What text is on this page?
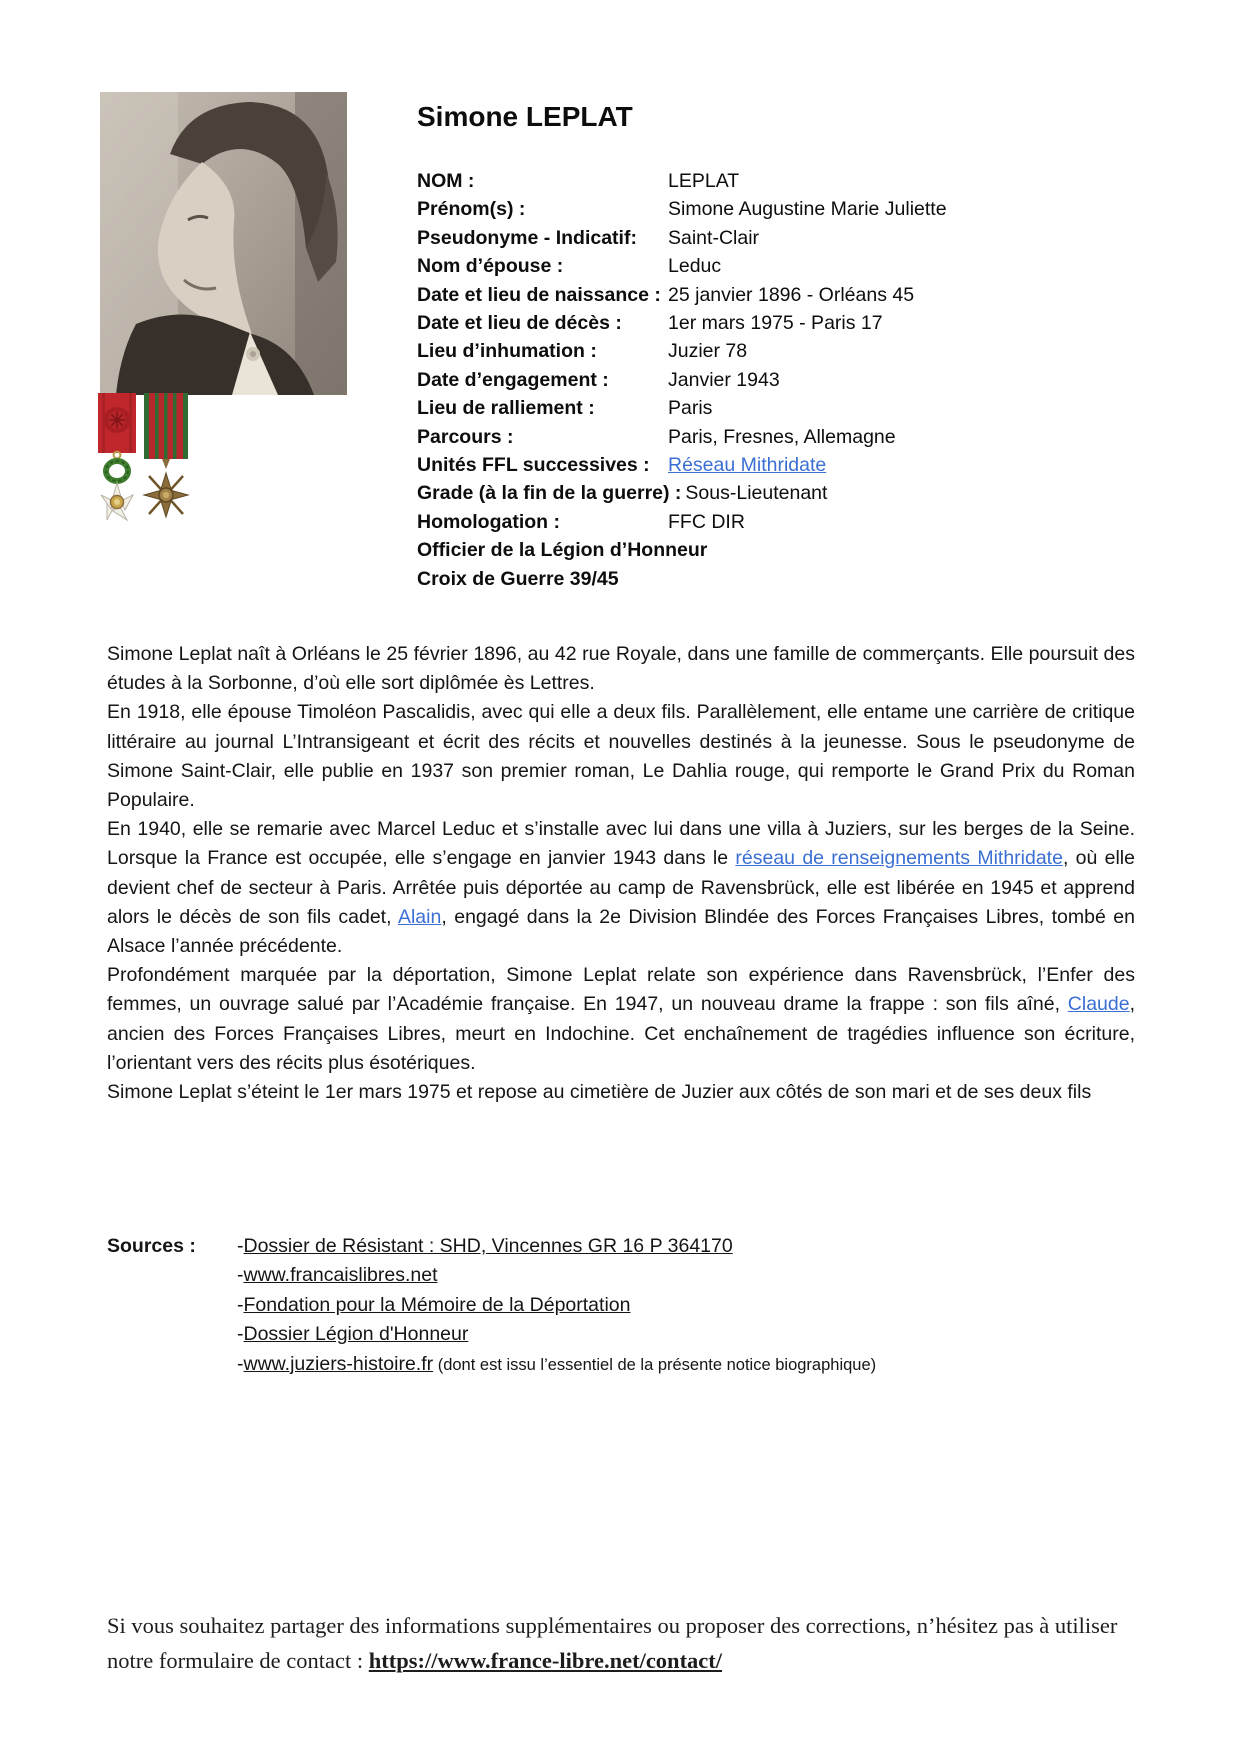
Simone LEPLAT
NOM :	LEPLAT
Prénom(s) :	Simone Augustine Marie Juliette
Pseudonyme - Indicatif:	Saint-Clair
Nom d’épouse :	Leduc
Date et lieu de naissance : 25 janvier 1896 - Orléans 45
Date et lieu de décès :	1er mars 1975 - Paris 17
Lieu d’inhumation :	Juzier 78
Date d’engagement :	Janvier 1943
Lieu de ralliement :	Paris
Parcours :	Paris, Fresnes, Allemagne
Unités FFL successives : Réseau Mithridate
Grade (à la fin de la guerre) : Sous-Lieutenant
Homologation :	FFC DIR
Officier de la Légion d’Honneur
Croix de Guerre 39/45

Simone Leplat naît à Orléans le 25 février 1896, au 42 rue Royale, dans une famille de commerçants. Elle poursuit des études à la Sorbonne, d’où elle sort diplômée ès Lettres.

En 1918, elle épouse Timoléon Pascalidis, avec qui elle a deux fils. Parallèlement, elle entame une carrière de critique littéraire au journal L’Intransigeant et écrit des récits et nouvelles destinés à la jeunesse. Sous le pseudonyme de Simone Saint-Clair, elle publie en 1937 son premier roman, Le Dahlia rouge, qui remporte le Grand Prix du Roman Populaire.

En 1940, elle se remarie avec Marcel Leduc et s’installe avec lui dans une villa à Juziers, sur les berges de la Seine. Lorsque la France est occupée, elle s’engage en janvier 1943 dans le réseau de renseignements Mithridate, où elle devient chef de secteur à Paris. Arrêtée puis déportée au camp de Ravensbrück, elle est libérée en 1945 et apprend alors le décès de son fils cadet, Alain, engagé dans la 2e Division Blindée des Forces Françaises Libres, tombé en Alsace l’année précédente.

Profondément marquée par la déportation, Simone Leplat relate son expérience dans Ravensbrück, l’Enfer des femmes, un ouvrage salué par l’Académie française. En 1947, un nouveau drame la frappe : son fils aîné, Claude, ancien des Forces Françaises Libres, meurt en Indochine. Cet enchaînement de tragédies influence son écriture, l’orientant vers des récits plus ésotériques.

Simone Leplat s’éteint le 1er mars 1975 et repose au cimetière de Juzier aux côtés de son mari et de ses deux fils

Sources :	-Dossier de Résistant : SHD, Vincennes GR 16 P 364170
-www.francaislibres.net
-Fondation pour la Mémoire de la Déportation
-Dossier Légion d'Honneur
-www.juziers-histoire.fr (dont est issu l’essentiel de la présente notice biographique)
Si vous souhaitez partager des informations supplémentaires ou proposer des corrections, n’hésitez pas à utiliser notre formulaire de contact : https://www.france-libre.net/contact/
